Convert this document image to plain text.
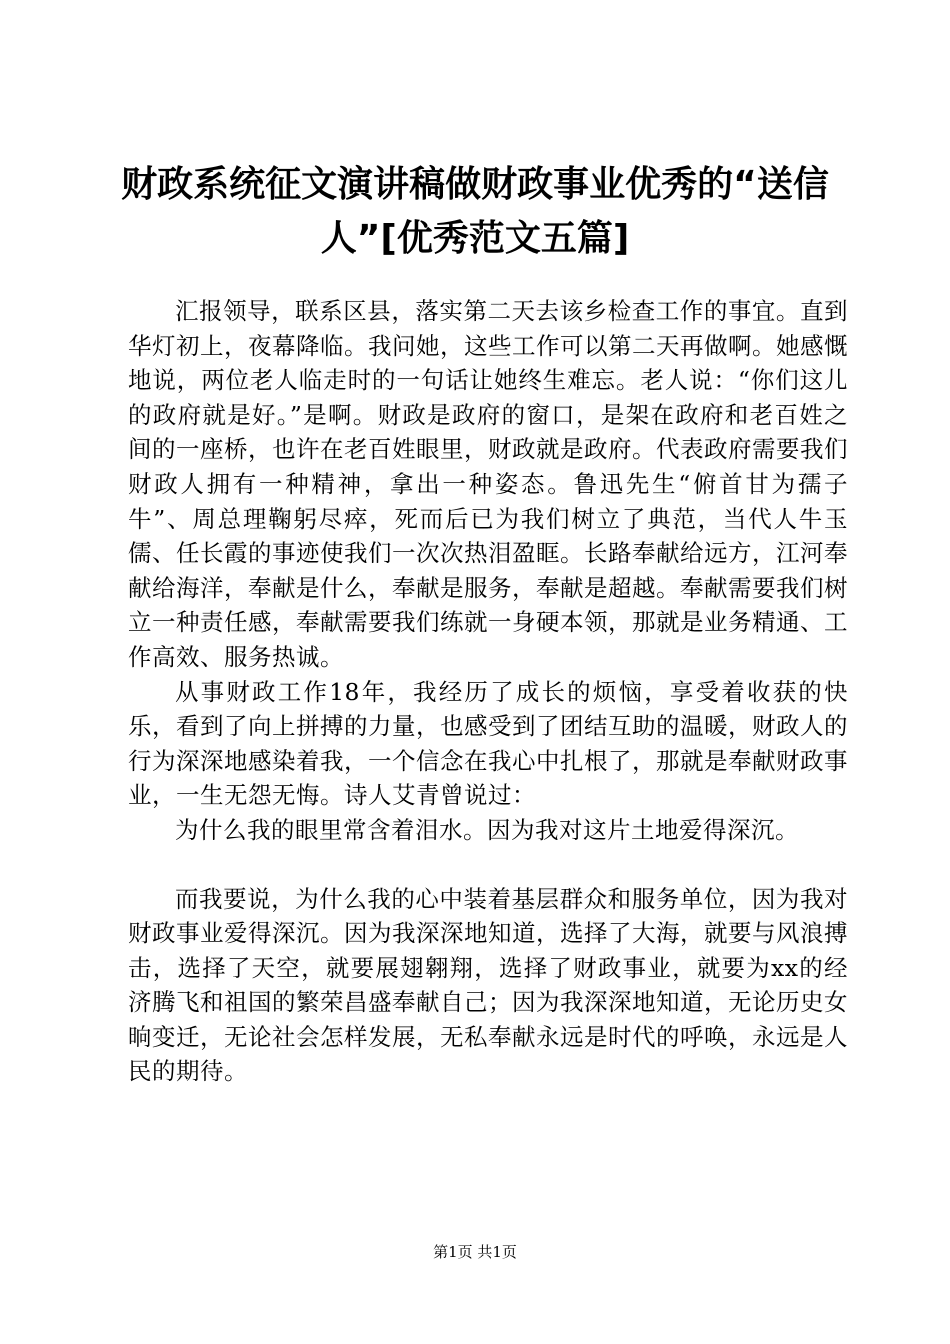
财政系统征文演讲稿做财政事业优秀的“送信人”[优秀范文五篇]

汇报领导，联系区县，落实第二天去该乡检查工作的事宜。直到华灯初上，夜幕降临。我问她，这些工作可以第二天再做啊。她感慨地说，两位老人临走时的一句话让她终生难忘。老人说：“你们这儿的政府就是好。”是啊。财政是政府的窗口，是架在政府和老百姓之间的一座桥，也许在老百姓眼里，财政就是政府。代表政府需要我们财政人拥有一种精神，拿出一种姿态。鲁迅先生“俯首甘为孺子牛”、周总理鞠躬尽瘁，死而后已为我们树立了典范，当代人牛玉儒、任长霞的事迹使我们一次次热泪盈眶。长路奉献给远方，江河奉献给海洋，奉献是什么，奉献是服务，奉献是超越。奉献需要我们树立一种责任感，奉献需要我们练就一身硬本领，那就是业务精通、工作高效、服务热诚。

从事财政工作18年，我经历了成长的烦恼，享受着收获的快乐，看到了向上拼搏的力量，也感受到了团结互助的温暖，财政人的行为深深地感染着我，一个信念在我心中扎根了，那就是奉献财政事业，一生无怨无悔。诗人艾青曾说过：

为什么我的眼里常含着泪水。因为我对这片土地爱得深沉。

而我要说，为什么我的心中装着基层群众和服务单位，因为我对财政事业爱得深沉。因为我深深地知道，选择了大海，就要与风浪搏击，选择了天空，就要展翅翱翔，选择了财政事业，就要为xx的经济腾飞和祖国的繁荣昌盛奉献自己；因为我深深地知道，无论历史女晌变迁，无论社会怎样发展，无私奉献永远是时代的呼唤，永远是人民的期待。

第1页 共1页
